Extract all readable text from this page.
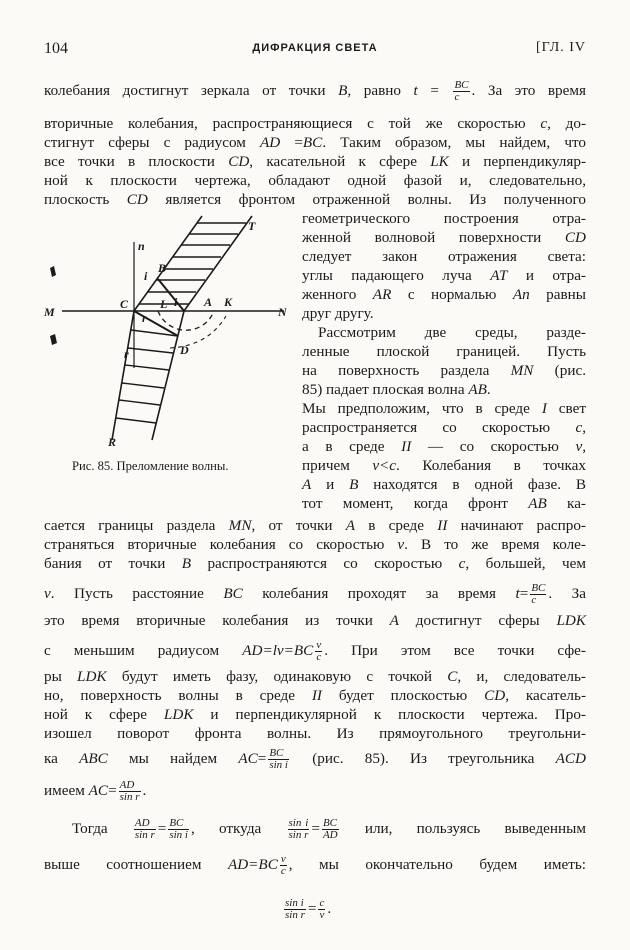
104	ДИФРАКЦИЯ СВЕТА	[ГЛ. IV
колебания достигнут зеркала от точки B, равно $t = \frac{BC}{c}$ . За это время
вторичные колебания, распространяющиеся с той же скоростью c, до-
стигнут сферы с радиусом AD =BC. Таким образом, мы найдем, что
все точки в плоскости CD, касательной к сфере LK и перпендикуляр-
ной к плоскости чертежа, обладают одной фазой и, следовательно,
плоскость CD является фронтом отраженной волны. Из полученного
геометрического построения отра-
женной волновой поверхности CD
следует закон отражения света:
углы падающего луча AT и отра-
женного AR с нормалью An равны
друг другу.
Рассмотрим две среды, разде-
ленные плоской границей. Пусть
на поверхность раздела MN (рис.
85) падает плоская волна AB.
Мы предположим, что в среде I свет
распространяется со скоростью c,
а в среде II — со скоростью v,
причем v<c. Колебания в точках
A и B находятся в одной фазе. В
тот момент, когда фронт AB ка-
Рис. 85. Преломление волны.
сается границы раздела MN, от точки A в среде II начинают распро-
страняться вторичные колебания со скоростью v. В то же время коле-
бания от точки B распространяются со скоростью c, большей, чем
v. Пусть расстояние BC колебания проходят за время $t= \frac{BC}{c}$ . За
это время вторичные колебания из точки A достигнут сферы LDK
с меньшим радиусом $AD=lv=BC \frac{v}{c}$ . При этом все точки сфе-
ры LDK будут иметь фазу, одинаковую с точкой C, и, следователь-
но, поверхность волны в среде II будет плоскостью CD, касатель-
ной к сфере LDK и перпендикулярной к плоскости чертежа. Про-
изошел поворот фронта волны. Из прямоугольного треугольни-
ка ABC мы найдем $AC= \frac{BC}{\text{sin i}} (рис$. 85). Из треугольника ACD
имеем $AC= \frac{AD}{\text{sin r}}$ .
Тогда $\frac{AD}{\text{sin r}} = \frac{BC}{\text{sin i}}$ , откуда $\frac{\text{sin i}}{\text{sin r}} = \frac{BC}{AD}$ или, пользуясь выведенным
выше соотношением $AD=BC \frac{v}{c}$ , мы окончательно будем иметь:
$\frac{\text{sin i}}{\text{sin r}} = \frac{c}{v}$ .
T
n
i
B
M
C	L i A K
N
r
r	D
R
